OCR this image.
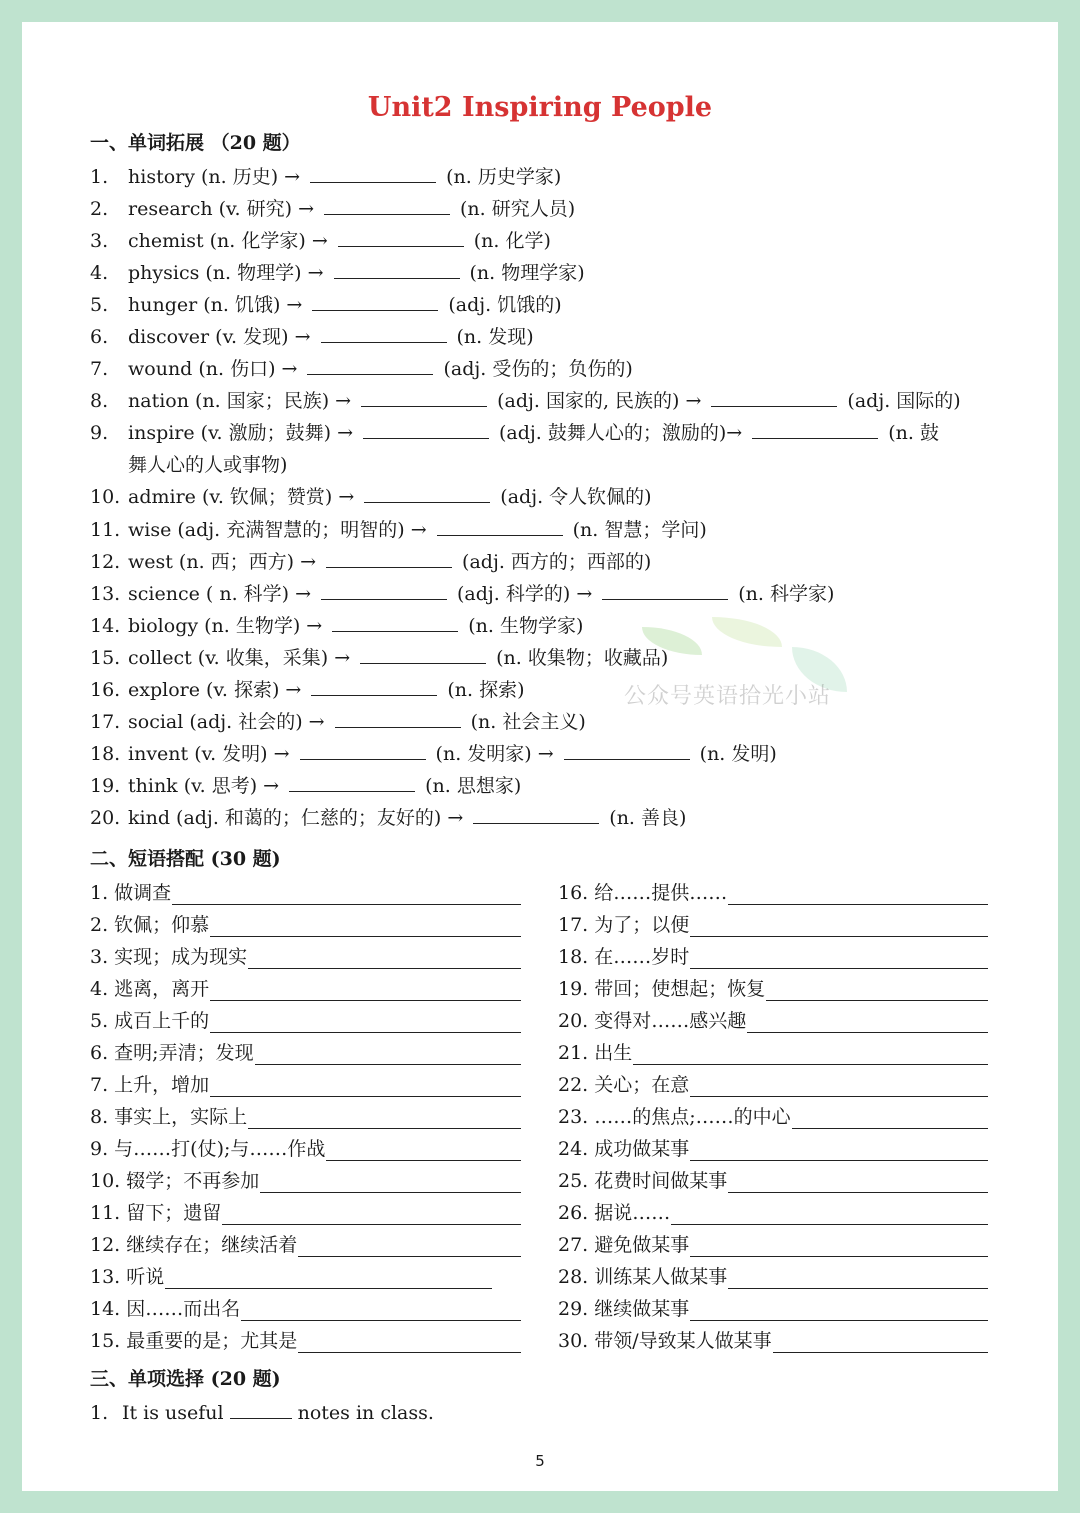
公众号英语拾光小站
Unit2 Inspiring People
一、单词拓展 （20 题）
1. history (n. 历史) →	(n. 历史学家)
2. research (v. 研究) →	(n. 研究人员)
3. chemist (n. 化学家) →	(n. 化学)
4. physics (n. 物理学) →	(n. 物理学家)
5. hunger (n. 饥饿) →	(adj. 饥饿的)
6. discover (v. 发现) →	(n. 发现)
7. wound (n. 伤口) →	(adj. 受伤的；负伤的)
8. nation (n. 国家；民族) →	(adj. 国家的, 民族的) →	(adj. 国际的)
9. inspire (v. 激励；鼓舞) →	(adj. 鼓舞人心的；激励的)→	(n. 鼓
舞人心的人或事物)
10. admire (v. 钦佩；赞赏) →	(adj. 令人钦佩的)
11. wise (adj. 充满智慧的；明智的) →	(n. 智慧；学问)
12. west (n. 西；西方) →	(adj. 西方的；西部的)
13. science ( n. 科学) →	(adj. 科学的) →	(n. 科学家)
14. biology (n. 生物学) →	(n. 生物学家)
15. collect (v. 收集，采集) →	(n. 收集物；收藏品)
16. explore (v. 探索) →	(n. 探索)
17. social (adj. 社会的) →	(n. 社会主义)
18. invent (v. 发明) →	(n. 发明家) →	(n. 发明)
19. think (v. 思考) →	(n. 思想家)
20. kind (adj. 和蔼的；仁慈的；友好的) →	(n. 善良)
二、短语搭配 (30 题)
1. 做调查
2. 钦佩；仰慕
3. 实现；成为现实
4. 逃离，离开
5. 成百上千的
6. 查明;弄清；发现
7. 上升，增加
8. 事实上，实际上
9. 与……打(仗);与……作战
10. 辍学；不再参加
11. 留下；遗留
12. 继续存在；继续活着
13. 听说
14. 因……而出名
15. 最重要的是；尤其是
16. 给……提供……
17. 为了；以便
18. 在……岁时
19. 带回；使想起；恢复
20. 变得对……感兴趣
21. 出生
22. 关心；在意
23. ……的焦点;……的中心
24. 成功做某事
25. 花费时间做某事
26. 据说……
27. 避免做某事
28. 训练某人做某事
29. 继续做某事
30. 带领/导致某人做某事
三、单项选择 (20 题)
1. It is useful	notes in class.
5
